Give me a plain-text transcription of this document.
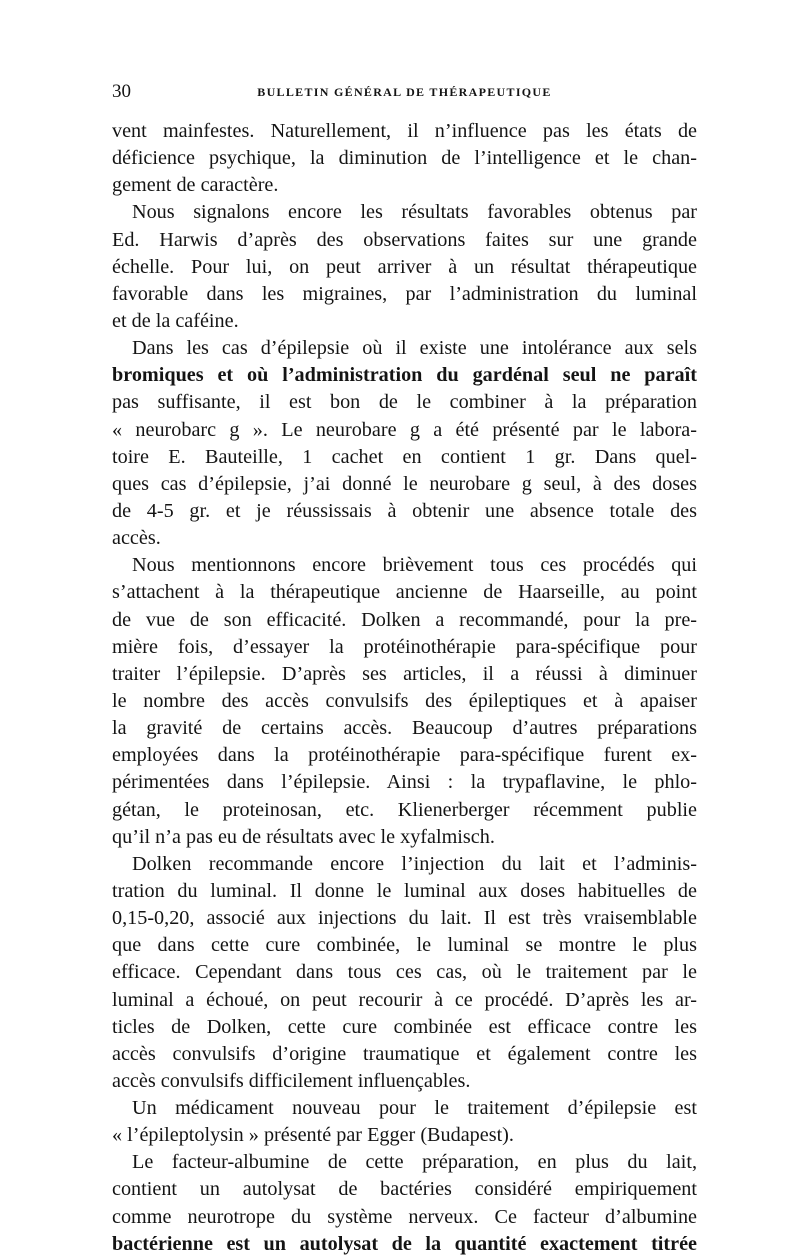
30	BULLETIN GÉNÉRAL DE THÉRAPEUTIQUE
vent mainfestes. Naturellement, il n’influence pas les états de
déficience psychique, la diminution de l’intelligence et le chan-
gement de caractère.
Nous signalons encore les résultats favorables obtenus par
Ed. Harwis d’après des observations faites sur une grande
échelle. Pour lui, on peut arriver à un résultat thérapeutique
favorable dans les migraines, par l’administration du luminal
et de la caféine.
Dans les cas d’épilepsie où il existe une intolérance aux sels
bromiques et où l’administration du gardénal seul ne paraît
pas suffisante, il est bon de le combiner à la préparation
« neurobarc g ». Le neurobare g a été présenté par le labora-
toire E. Bauteille, 1 cachet en contient 1 gr. Dans quel-
ques cas d’épilepsie, j’ai donné le neurobare g seul, à des doses
de 4-5 gr. et je réussissais à obtenir une absence totale des
accès.
Nous mentionnons encore brièvement tous ces procédés qui
s’attachent à la thérapeutique ancienne de Haarseille, au point
de vue de son efficacité. Dolken a recommandé, pour la pre-
mière fois, d’essayer la protéinothérapie para-spécifique pour
traiter l’épilepsie. D’après ses articles, il a réussi à diminuer
le nombre des accès convulsifs des épileptiques et à apaiser
la gravité de certains accès. Beaucoup d’autres préparations
employées dans la protéinothérapie para-spécifique furent ex-
périmentées dans l’épilepsie. Ainsi : la trypaflavine, le phlo-
gétan, le proteinosan, etc. Klienerberger récemment publie
qu’il n’a pas eu de résultats avec le xyfalmisch.
Dolken recommande encore l’injection du lait et l’adminis-
tration du luminal. Il donne le luminal aux doses habituelles de
0,15-0,20, associé aux injections du lait. Il est très vraisemblable
que dans cette cure combinée, le luminal se montre le plus
efficace. Cependant dans tous ces cas, où le traitement par le
luminal a échoué, on peut recourir à ce procédé. D’après les ar-
ticles de Dolken, cette cure combinée est efficace contre les
accès convulsifs d’origine traumatique et également contre les
accès convulsifs difficilement influençables.
Un médicament nouveau pour le traitement d’épilepsie est
« l’épileptolysin » présenté par Egger (Budapest).
Le facteur-albumine de cette préparation, en plus du lait,
contient un autolysat de bactéries considéré empiriquement
comme neurotrope du système nerveux. Ce facteur d’albumine
bactérienne est un autolysat de la quantité exactement titrée
